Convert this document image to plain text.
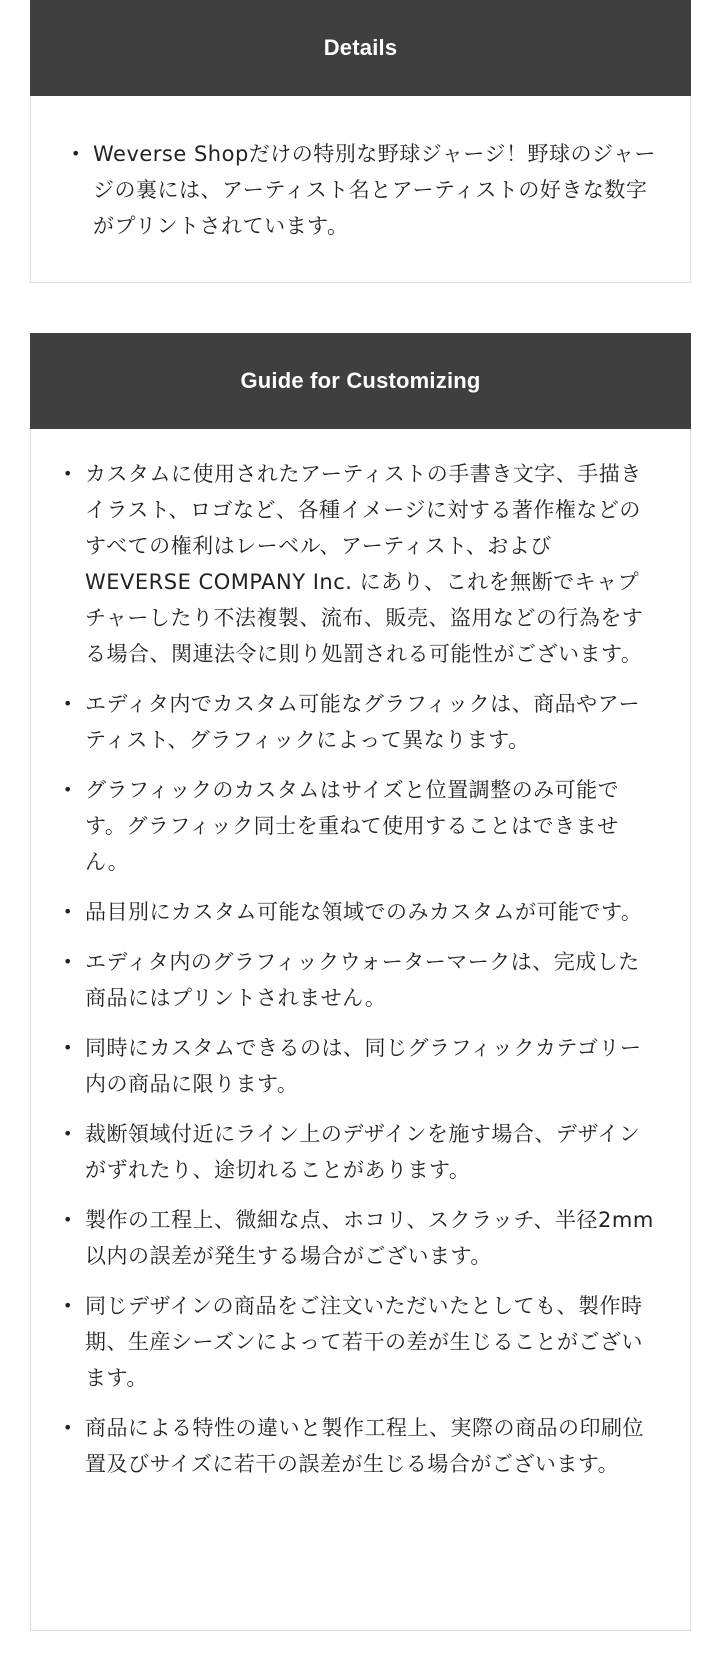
Details
• Weverse Shopだけの特別な野球ジャージ！野球のジャージの裏には、アーティスト名とアーティストの好きな数字がプリントされています。
Guide for Customizing
• カスタムに使用されたアーティストの手書き文字、手描きイラスト、ロゴなど、各種イメージに対する著作権などのすべての権利はレーベル、アーティスト、およびWEVERSE COMPANY Inc. にあり、これを無断でキャプチャーしたり不法複製、流布、販売、盗用などの行為をする場合、関連法令に則り処罰される可能性がございます。
• エディタ内でカスタム可能なグラフィックは、商品やアーティスト、グラフィックによって異なります。
• グラフィックのカスタムはサイズと位置調整のみ可能です。グラフィック同士を重ねて使用することはできません。
• 品目別にカスタム可能な領域でのみカスタムが可能です。
• エディタ内のグラフィックウォーターマークは、完成した商品にはプリントされません。
• 同時にカスタムできるのは、同じグラフィックカテゴリー内の商品に限ります。
• 裁断領域付近にライン上のデザインを施す場合、デザインがずれたり、途切れることがあります。
• 製作の工程上、微細な点、ホコリ、スクラッチ、半径2mm以内の誤差が発生する場合がございます。
• 同じデザインの商品をご注文いただいたとしても、製作時期、生産シーズンによって若干の差が生じることがございます。
• 商品による特性の違いと製作工程上、実際の商品の印刷位置及びサイズに若干の誤差が生じる場合がございます。
